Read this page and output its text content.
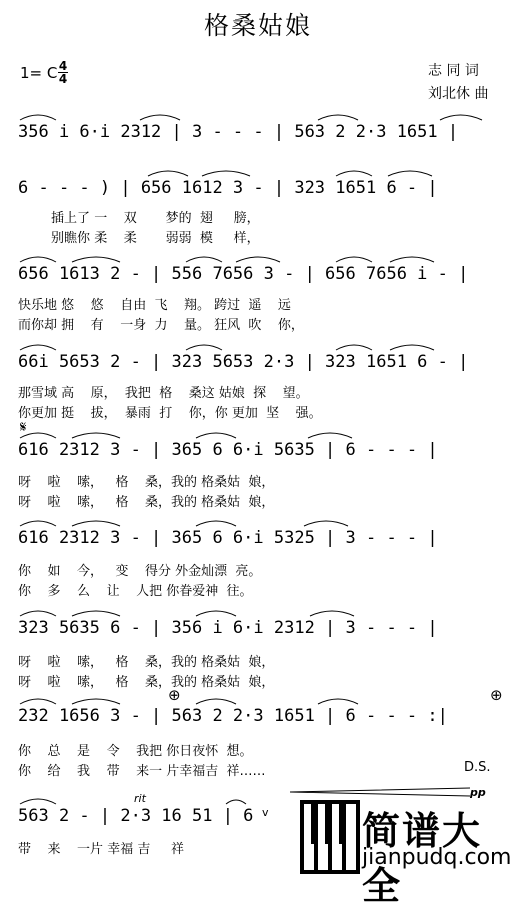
格桑姑娘
1= C 4
4	志 同 词
刘北休 曲
356 i 6·i 2312 | 3 - - - | 563 2 2·3 1651 |
6 - - - ) | 656 1612 3 - | 323 1651 6 - |
插上了 一    双       梦的  翅     膀，
别瞧你 柔    柔       弱弱  模     样，
656 1613 2 - | 556 7656 3 - | 656 7656 i - |
快乐地 悠    悠    自由  飞    翔。 跨过  遥    远
而你却 拥    有    一身  力    量。 狂风  吹    你，
66i 5653 2 - | 323 5653 2·3 | 323 1651 6 - |
那雪域 高    原，  我把  格    桑这 姑娘  探    望。
你更加 挺    拔，  暴雨  打    你，你 更加  坚    强。
𝄋
616 2312 3 - | 365 6 6·i 5635 | 6 - - - |
呀    啦    嗦，   格    桑，我的 格桑姑  娘，
呀    啦    嗦，   格    桑，我的 格桑姑  娘，
616 2312 3 - | 365 6 6·i 5325 | 3 - - - |
你    如    今，   变    得分 外金灿漂  亮。
你    多    么    让    人把 你眷爱神  往。
323 5635 6 - | 356 i 6·i 2312 | 3 - - - |
呀    啦    嗦，   格    桑，我的 格桑姑  娘，
呀    啦    嗦，   格    桑，我的 格桑姑  娘，
⊕	⊕
232 1656 3 - | 563 2 2·3 1651 | 6 - - - :|
你    总    是    令    我把 你日夜怀  想。
你    给    我    带    来一 片幸福吉  祥……	D.S.
rit
v
pp
563 2 - | 2·3 16 51 | 6
带    来    一片 幸福 吉     祥	简谱大全
jianpudq.com
